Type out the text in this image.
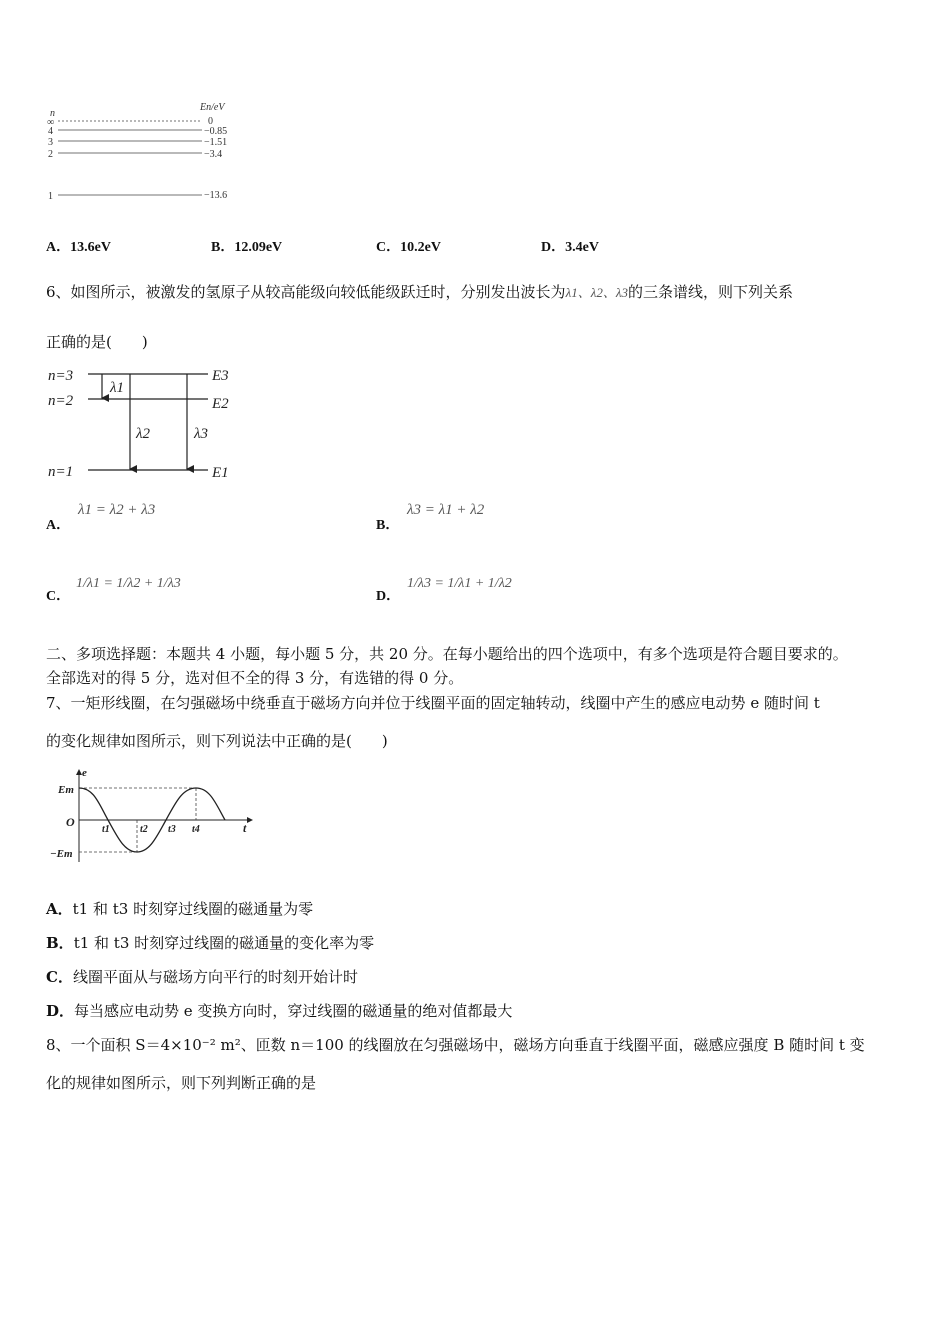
n
En/eV
∞	0
4	−0.85
3	−1.51
2	−3.4
1	−13.6
A．13.6eV	B．12.09eV	C．10.2eV	D．3.4eV
6、如图所示，被激发的氢原子从较高能级向较低能级跃迁时，分别发出波长为λ1、λ2、λ3的三条谱线，则下列关系
正确的是(　　)
n=3
n=2
n=1
E3
E2
E1
λ1
λ2	λ3
A．
λ1 = λ2 + λ3
B．
λ3 = λ1 + λ2
C．
1/λ1 = 1/λ2 + 1/λ3
D．
1/λ3 = 1/λ1 + 1/λ2
二、多项选择题：本题共 4 小题，每小题 5 分，共 20 分。在每小题给出的四个选项中，有多个选项是符合题目要求的。
全部选对的得 5 分，选对但不全的得 3 分，有选错的得 0 分。
7、一矩形线圈，在匀强磁场中绕垂直于磁场方向并位于线圈平面的固定轴转动，线圈中产生的感应电动势 e 随时间 t
的变化规律如图所示，则下列说法中正确的是(　　)
e
Em
−Em
O	t
t1	t2 t3 t4
A．t1 和 t3 时刻穿过线圈的磁通量为零
B．t1 和 t3 时刻穿过线圈的磁通量的变化率为零
C．线圈平面从与磁场方向平行的时刻开始计时
D．每当感应电动势 e 变换方向时，穿过线圈的磁通量的绝对值都最大
8、一个面积 S＝4×10⁻² m²、匝数 n＝100 的线圈放在匀强磁场中，磁场方向垂直于线圈平面，磁感应强度 B 随时间 t 变
化的规律如图所示，则下列判断正确的是
